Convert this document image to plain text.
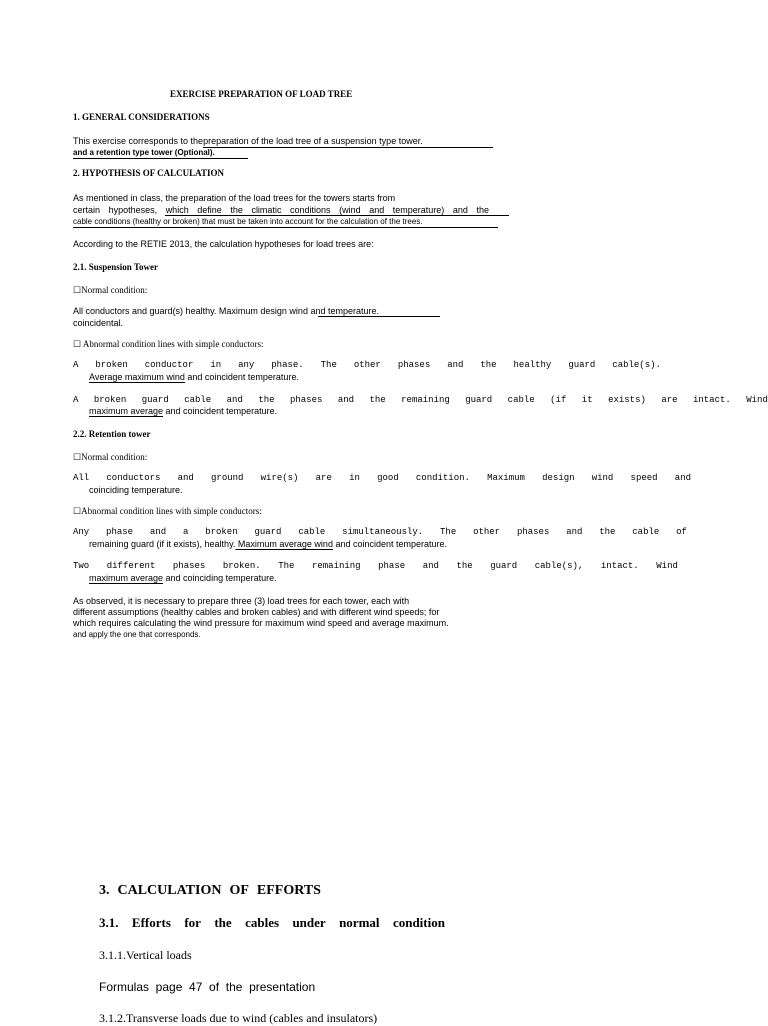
EXERCISE PREPARATION OF LOAD TREE
1. GENERAL CONSIDERATIONS
This exercise corresponds to thepreparation of the load tree of a suspension type tower.
and a retention type tower (Optional).
2. HYPOTHESIS OF CALCULATION
As mentioned in class, the preparation of the load trees for the towers starts from
certain hypotheses, which define the climatic conditions (wind and temperature) and the
cable conditions (healthy or broken) that must be taken into account for the calculation of the trees.
According to the RETIE 2013, the calculation hypotheses for load trees are:
2.1. Suspension Tower
☐Normal condition:
All conductors and guard(s) healthy. Maximum design wind and temperature.
coincidental.
☐ Abnormal condition lines with simple conductors:
A broken conductor in any phase. The other phases and the healthy guard cable(s).
Average maximum wind and coincident temperature.
A broken guard cable and the phases and the remaining guard cable (if it exists) are intact. Wind
maximum average and coincident temperature.
2.2. Retention tower
☐Normal condition:
All conductors and ground wire(s) are in good condition. Maximum design wind speed and
coinciding temperature.
☐Abnormal condition lines with simple conductors:
Any phase and a broken guard cable simultaneously. The other phases and the cable of
remaining guard (if it exists), healthy. Maximum average wind and coincident temperature.
Two different phases broken. The remaining phase and the guard cable(s), intact. Wind
maximum average and coinciding temperature.
As observed, it is necessary to prepare three (3) load trees for each tower, each with
different assumptions (healthy cables and broken cables) and with different wind speeds; for
which requires calculating the wind pressure for maximum wind speed and average maximum.
and apply the one that corresponds.
3. CALCULATION OF EFFORTS
3.1. Efforts for the cables under normal condition
3.1.1.Vertical loads
Formulas  page  47  of  the  presentation
3.1.2.Transverse loads due to wind (cables and insulators)
